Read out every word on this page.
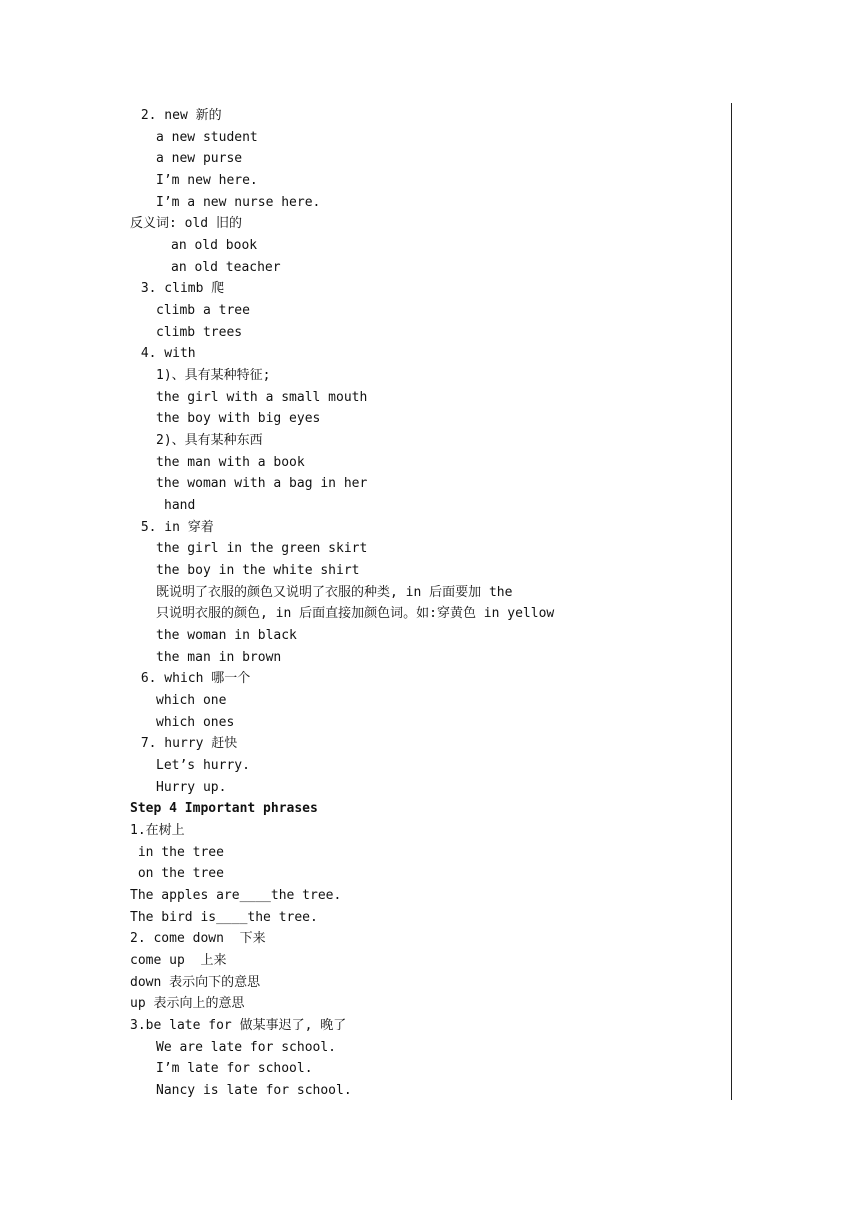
2. new 新的
a new student
a new purse
I’m new here.
I’m a new nurse here.
反义词: old 旧的
an old book
an old teacher
3. climb 爬
climb a tree
climb trees
4. with
1)、具有某种特征;
the girl with a small mouth
the boy with big eyes
2)、具有某种东西
the man with a book
the woman with a bag in her
hand
5. in 穿着
the girl in the green skirt
the boy in the white shirt
既说明了衣服的颜色又说明了衣服的种类, in 后面要加 the
只说明衣服的颜色, in 后面直接加颜色词。如:穿黄色 in yellow
the woman in black
the man in brown
6. which 哪一个
which one
which ones
7. hurry 赶快
Let’s hurry.
Hurry up.
Step 4 Important phrases
1.在树上
in the tree
on the tree
The apples are____the tree.
The bird is____the tree.
2. come down  下来
come up  上来
down 表示向下的意思
up 表示向上的意思
3.be late for 做某事迟了, 晚了
We are late for school.
I’m late for school.
Nancy is late for school.
